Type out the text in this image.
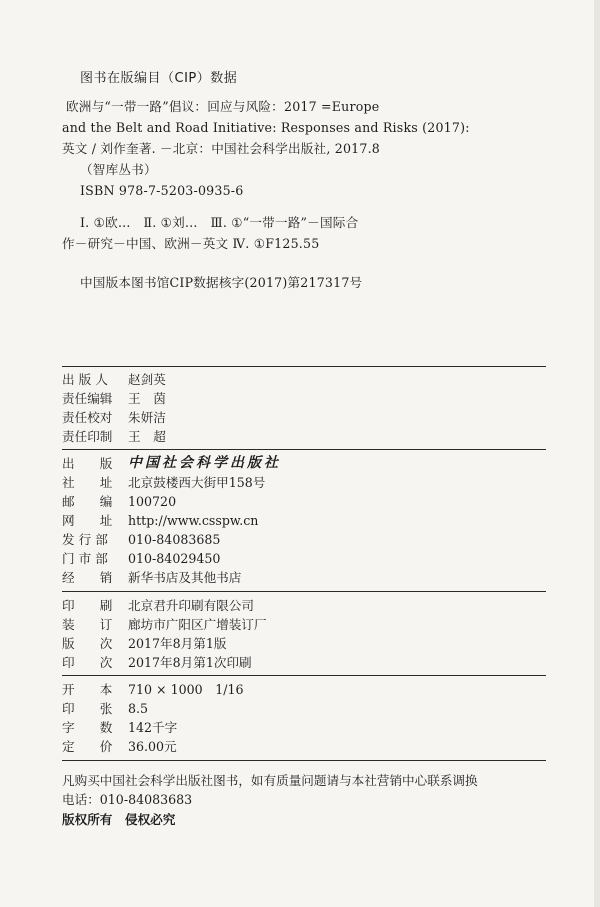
图书在版编目（CIP）数据
欧洲与“一带一路”倡议：回应与风险：2017 =Europe
and the Belt and Road Initiative: Responses and Risks (2017):
英文 / 刘作奎著. －北京：中国社会科学出版社, 2017.8
（智库丛书）
ISBN 978-7-5203-0935-6
Ⅰ. ①欧…　Ⅱ. ①刘…　Ⅲ. ①“一带一路”－国际合
作－研究－中国、欧洲－英文 Ⅳ. ①F125.55
中国版本图书馆CIP数据核字(2017)第217317号
出 版 人 赵剑英
责任编辑 王　茵
责任校对 朱妍洁
责任印制 王　超
出　　版 中国社会科学出版社
社　　址 北京鼓楼西大街甲158号
邮　　编 100720
网　　址 http://www.csspw.cn
发 行 部 010-84083685
门 市 部 010-84029450
经　　销 新华书店及其他书店
印　　刷 北京君升印刷有限公司
装　　订 廊坊市广阳区广增装订厂
版　　次 2017年8月第1版
印　　次 2017年8月第1次印刷
开　　本 710 × 1000　1/16
印　　张 8.5
字　　数 142千字
定　　价 36.00元
凡购买中国社会科学出版社图书，如有质量问题请与本社营销中心联系调换
电话：010-84083683
版权所有　侵权必究
